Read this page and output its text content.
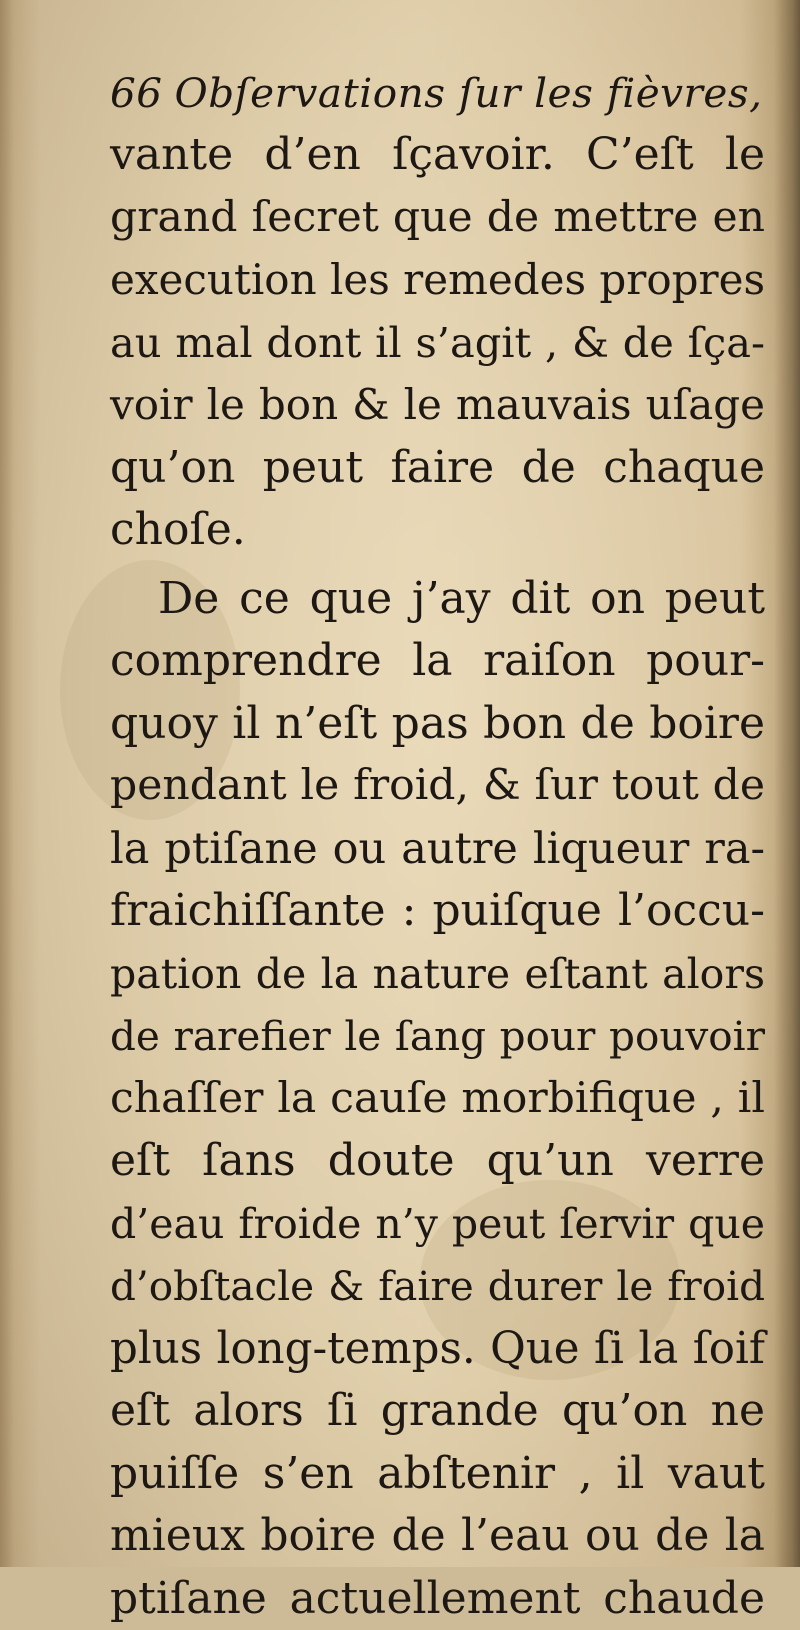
66 Obſervations ſur les fièvres,
vante d’en ſçavoir. C’eſt le
grand ſecret que de mettre en
execution les remedes propres
au mal dont il s’agit , & de ſça-
voir le bon & le mauvais uſage
qu’on peut faire de chaque
choſe.
De ce que j’ay dit on peut
comprendre la raiſon pour-
quoy il n’eſt pas bon de boire
pendant le froid, & ſur tout de
la ptiſane ou autre liqueur ra-
fraichiſſante : puiſque l’occu-
pation de la nature eſtant alors
de rarefier le ſang pour pouvoir
chaſſer la cauſe morbifique , il
eſt ſans doute qu’un verre
d’eau froide n’y peut ſervir que
d’obſtacle & faire durer le froid
plus long-temps. Que ſi la ſoif
eſt alors ſi grande qu’on ne
puiſſe s’en abſtenir , il vaut
mieux boire de l’eau ou de la
ptiſane actuellement chaude
